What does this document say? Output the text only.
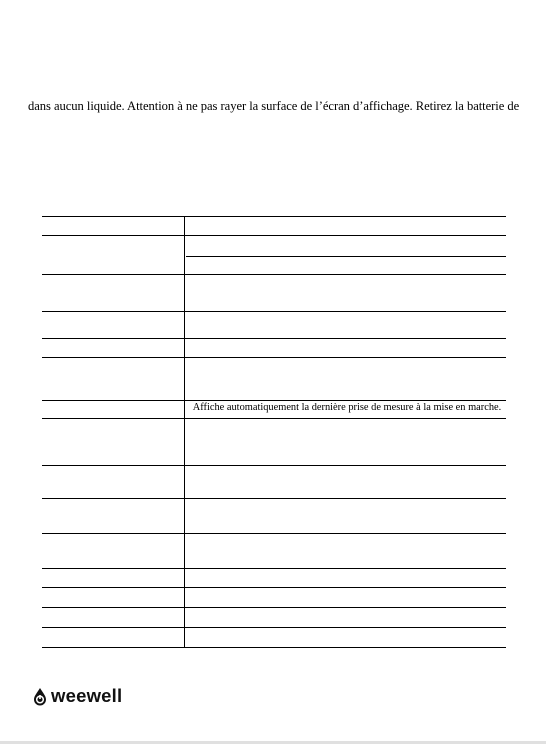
dans aucun liquide. Attention à ne pas rayer la surface de l’écran d’affichage. Retirez la batterie de
Affiche automatiquement la dernière prise de mesure à la mise en marche.
weewell
